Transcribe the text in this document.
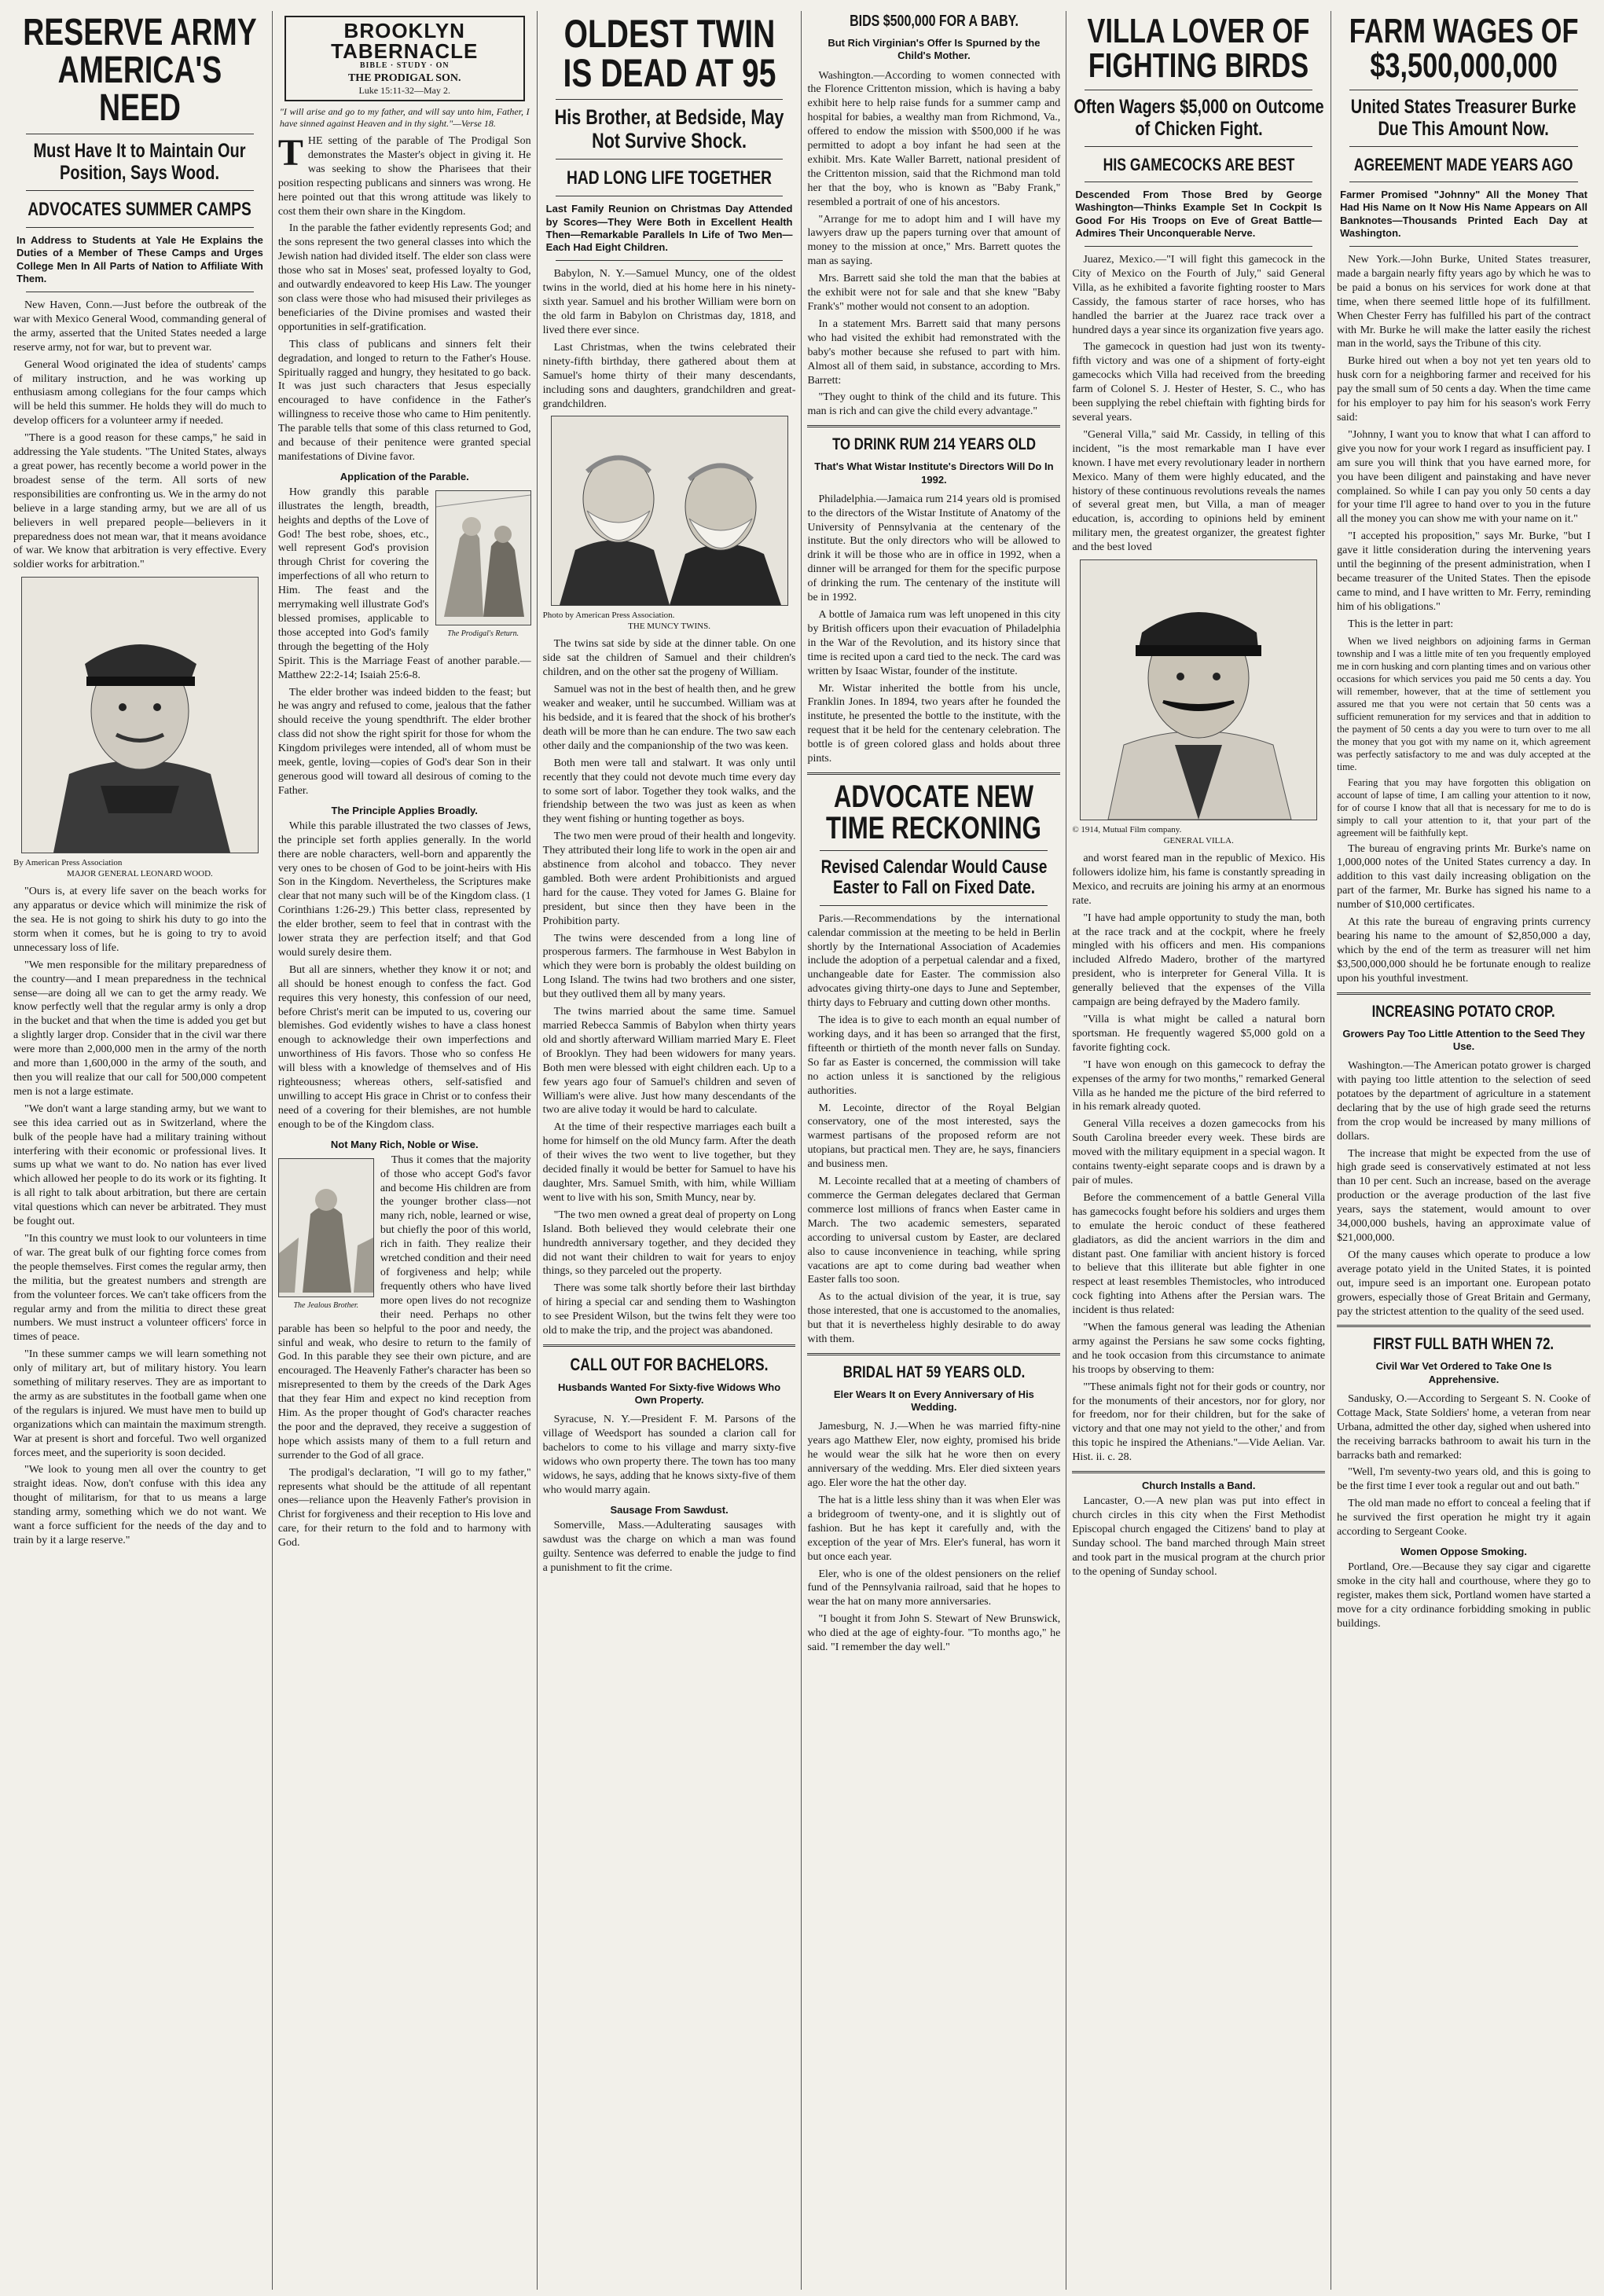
RESERVE ARMY
AMERICA'S NEED
Must Have It to Maintain Our Position, Says Wood.
ADVOCATES SUMMER CAMPS
In Address to Students at Yale He Explains the Duties of a Member of These Camps and Urges College Men In All Parts of Nation to Affiliate With Them.

New Haven, Conn.—Just before the outbreak of the war with Mexico General Wood, commanding general of the army, asserted that the United States needed a large reserve army, not for war, but to prevent war.

General Wood originated the idea of students' camps of military instruction, and he was working up enthusiasm among collegians for the four camps which will be held this summer. He holds they will do much to develop officers for a volunteer army if needed.

"There is a good reason for these camps," he said in addressing the Yale students. "The United States, always a great power, has recently become a world power in the broadest sense of the term. All sorts of new responsibilities are confronting us. We in the army do not believe in a large standing army, but we are all of us believers in well prepared people—believers in it preparedness does not mean war, that it means avoidance of war. We know that arbitration is very effective. Every soldier works for arbitration."

By American Press Association
MAJOR GENERAL LEONARD WOOD.

"Ours is, at every life saver on the beach works for any apparatus or device which will minimize the risk of the sea. He is not going to shirk his duty to go into the storm when it comes, but he is going to try to avoid unnecessary loss of life.

"We men responsible for the military preparedness of the country—and I mean preparedness in the technical sense—are doing all we can to get the army ready. We know perfectly well that the regular army is only a drop in the bucket and that when the time is added you get but a slightly larger drop. Consider that in the civil war there were more than 2,000,000 men in the army of the north and more than 1,600,000 in the army of the south, and then you will realize that our call for 500,000 competent men is not a large estimate.

"We don't want a large standing army, but we want to see this idea carried out as in Switzerland, where the bulk of the people have had a military training without interfering with their economic or professional lives. It sums up what we want to do. No nation has ever lived which allowed her people to do its work or its fighting. It is all right to talk about arbitration, but there are certain vital questions which can never be arbitrated. They must be fought out.

"In this country we must look to our volunteers in time of war. The great bulk of our fighting force comes from the people themselves. First comes the regular army, then the militia, but the greatest numbers and strength are from the volunteer forces. We can't take officers from the regular army and from the militia to direct these great numbers. We must instruct a volunteer officers' force in times of peace.

"In these summer camps we will learn something not only of military art, but of military history. You learn something of military reserves. They are as important to the army as are substitutes in the football game when one of the regulars is injured. We must have men to build up organizations which can maintain the maximum strength. War at present is short and forceful. Two well organized forces meet, and the superiority is soon decided.

"We look to young men all over the country to get straight ideas. Now, don't confuse with this idea any thought of militarism, for that to us means a large standing army, something which we do not want. We want a force sufficient for the needs of the day and to train by it a large reserve."

BROOKLYN TABERNACLE
BIBLE · STUDY · ON
THE PRODIGAL SON.
Luke 15:11-32—May 2.
"I will arise and go to my father, and will say unto him, Father, I have sinned against Heaven and in thy sight."—Verse 18.

THE setting of the parable of The Prodigal Son demonstrates the Master's object in giving it. He was seeking to show the Pharisees that their position respecting publicans and sinners was wrong. He here pointed out that this wrong attitude was likely to cost them their own share in the Kingdom.

In the parable the father evidently represents God; and the sons represent the two general classes into which the Jewish nation had divided itself. The elder son class were those who sat in Moses' seat, professed loyalty to God, and outwardly endeavored to keep His Law. The younger son class were those who had misused their privileges as beneficiaries of the Divine promises and wasted their opportunities in self-gratification.

This class of publicans and sinners felt their degradation, and longed to return to the Father's House. Spiritually ragged and hungry, they hesitated to go back. It was just such characters that Jesus especially encouraged to have confidence in the Father's willingness to receive those who came to Him penitently. The parable tells that some of this class returned to God, and because of their penitence were granted special manifestations of Divine favor.

Application of the Parable.
The Prodigal's Return.

How grandly this parable illustrates the length, breadth, heights and depths of the Love of God! The best robe, shoes, etc., well represent God's provision through Christ for covering the imperfections of all who return to Him. The feast and the merrymaking well illustrate God's blessed promises, applicable to those accepted into God's family through the begetting of the Holy Spirit. This is the Marriage Feast of another parable.—Matthew 22:2-14; Isaiah 25:6-8.

The elder brother was indeed bidden to the feast; but he was angry and refused to come, jealous that the father should receive the young spendthrift. The elder brother class did not show the right spirit for those for whom the Kingdom privileges were intended, all of whom must be meek, gentle, loving—copies of God's dear Son in their generous good will toward all desirous of coming to the Father.

The Principle Applies Broadly.

While this parable illustrated the two classes of Jews, the principle set forth applies generally. In the world there are noble characters, well-born and apparently the very ones to be chosen of God to be joint-heirs with His Son in the Kingdom. Nevertheless, the Scriptures make clear that not many such will be of the Kingdom class. (1 Corinthians 1:26-29.) This better class, represented by the elder brother, seem to feel that in contrast with the lower strata they are perfection itself; and that God would surely desire them.

But all are sinners, whether they know it or not; and all should be honest enough to confess the fact. God requires this very honesty, this confession of our need, before Christ's merit can be imputed to us, covering our blemishes. God evidently wishes to have a class honest enough to acknowledge their own imperfections and unworthiness of His favors. Those who so confess He will bless with a knowledge of themselves and of His righteousness; whereas others, self-satisfied and unwilling to accept His grace in Christ or to confess their need of a covering for their blemishes, are not humble enough to be of the Kingdom class.

Not Many Rich, Noble or Wise.
The Jealous Brother.

Thus it comes that the majority of those who accept God's favor and become His children are from the younger brother class—not many rich, noble, learned or wise, but chiefly the poor of this world, rich in faith. They realize their wretched condition and their need of forgiveness and help; while frequently others who have lived more open lives do not recognize their need. Perhaps no other parable has been so helpful to the poor and needy, the sinful and weak, who desire to return to the family of God. In this parable they see their own picture, and are encouraged. The Heavenly Father's character has been so misrepresented to them by the creeds of the Dark Ages that they fear Him and expect no kind reception from Him. As the proper thought of God's character reaches the poor and the depraved, they receive a suggestion of hope which assists many of them to a full return and surrender to the God of all grace.

The prodigal's declaration, "I will go to my father," represents what should be the attitude of all repentant ones—reliance upon the Heavenly Father's provision in Christ for forgiveness and their reception to His love and care, for their return to the fold and to harmony with God.

OLDEST TWIN
IS DEAD AT 95
His Brother, at Bedside, May Not Survive Shock.
HAD LONG LIFE TOGETHER
Last Family Reunion on Christmas Day Attended by Scores—They Were Both in Excellent Health Then—Remarkable Parallels In Life of Two Men—Each Had Eight Children.

Babylon, N. Y.—Samuel Muncy, one of the oldest twins in the world, died at his home here in his ninety-sixth year. Samuel and his brother William were born on the old farm in Babylon on Christmas day, 1818, and lived there ever since.

Last Christmas, when the twins celebrated their ninety-fifth birthday, there gathered about them at Samuel's home thirty of their many descendants, including sons and daughters, grandchildren and great-grandchildren.

Photo by American Press Association.
THE MUNCY TWINS.

The twins sat side by side at the dinner table. On one side sat the children of Samuel and their children's children, and on the other sat the progeny of William.

Samuel was not in the best of health then, and he grew weaker and weaker, until he succumbed. William was at his bedside, and it is feared that the shock of his brother's death will be more than he can endure. The two saw each other daily and the companionship of the two was keen.

Both men were tall and stalwart. It was only until recently that they could not devote much time every day to some sort of labor. Together they took walks, and the friendship between the two was just as keen as when they went fishing or hunting together as boys.

The two men were proud of their health and longevity. They attributed their long life to work in the open air and abstinence from alcohol and tobacco. They never gambled. Both were ardent Prohibitionists and argued hard for the cause. They voted for James G. Blaine for president, but since then they have been in the Prohibition party.

The twins were descended from a long line of prosperous farmers. The farmhouse in West Babylon in which they were born is probably the oldest building on Long Island. The twins had two brothers and one sister, but they outlived them all by many years.

The twins married about the same time. Samuel married Rebecca Sammis of Babylon when thirty years old and shortly afterward William married Mary E. Fleet of Brooklyn. They had been widowers for many years. Both men were blessed with eight children each. Up to a few years ago four of Samuel's children and seven of William's were alive. Just how many descendants of the two are alive today it would be hard to calculate.

At the time of their respective marriages each built a home for himself on the old Muncy farm. After the death of their wives the two went to live together, but they decided finally it would be better for Samuel to have his daughter, Mrs. Samuel Smith, with him, while William went to live with his son, Smith Muncy, near by.

"The two men owned a great deal of property on Long Island. Both believed they would celebrate their one hundredth anniversary together, and they decided they did not want their children to wait for years to enjoy things, so they parceled out the property.

There was some talk shortly before their last birthday of hiring a special car and sending them to Washington to see President Wilson, but the twins felt they were too old to make the trip, and the project was abandoned.

CALL OUT FOR BACHELORS.
Husbands Wanted For Sixty-five Widows Who Own Property.

Syracuse, N. Y.—President F. M. Parsons of the village of Weedsport has sounded a clarion call for bachelors to come to his village and marry sixty-five widows who own property there. The town has too many widows, he says, adding that he knows sixty-five of them who would marry again.

Sausage From Sawdust.

Somerville, Mass.—Adulterating sausages with sawdust was the charge on which a man was found guilty. Sentence was deferred to enable the judge to find a punishment to fit the crime.

BIDS $500,000 FOR A BABY.
But Rich Virginian's Offer Is Spurned by the Child's Mother.

Washington.—According to women connected with the Florence Crittenton mission, which is having a baby exhibit here to help raise funds for a summer camp and hospital for babies, a wealthy man from Richmond, Va., offered to endow the mission with $500,000 if he was permitted to adopt a boy infant he had seen at the exhibit. Mrs. Kate Waller Barrett, national president of the Crittenton mission, said that the Richmond man told her that the boy, who is known as "Baby Frank," resembled a portrait of one of his ancestors.

"Arrange for me to adopt him and I will have my lawyers draw up the papers turning over that amount of money to the mission at once," Mrs. Barrett quotes the man as saying.

Mrs. Barrett said she told the man that the babies at the exhibit were not for sale and that she knew "Baby Frank's" mother would not consent to an adoption.

In a statement Mrs. Barrett said that many persons who had visited the exhibit had remonstrated with the baby's mother because she refused to part with him. Almost all of them said, in substance, according to Mrs. Barrett:

"They ought to think of the child and its future. This man is rich and can give the child every advantage."

TO DRINK RUM 214 YEARS OLD
That's What Wistar Institute's Directors Will Do In 1992.

Philadelphia.—Jamaica rum 214 years old is promised to the directors of the Wistar Institute of Anatomy of the University of Pennsylvania at the centenary of the institute. But the only directors who will be allowed to drink it will be those who are in office in 1992, when a dinner will be arranged for them for the specific purpose of drinking the rum. The centenary of the institute will be in 1992.

A bottle of Jamaica rum was left unopened in this city by British officers upon their evacuation of Philadelphia in the War of the Revolution, and its history since that time is recited upon a card tied to the neck. The card was written by Isaac Wistar, founder of the institute.

Mr. Wistar inherited the bottle from his uncle, Franklin Jones. In 1894, two years after he founded the institute, he presented the bottle to the institute, with the request that it be held for the centenary celebration. The bottle is of green colored glass and holds about three pints.

ADVOCATE NEW
TIME RECKONING
Revised Calendar Would Cause Easter to Fall on Fixed Date.

Paris.—Recommendations by the international calendar commission at the meeting to be held in Berlin shortly by the International Association of Academies include the adoption of a perpetual calendar and a fixed, unchangeable date for Easter. The commission also advocates giving thirty-one days to June and September, thirty days to February and cutting down other months.

The idea is to give to each month an equal number of working days, and it has been so arranged that the first, fifteenth or thirtieth of the month never falls on Sunday. So far as Easter is concerned, the commission will take no action unless it is sanctioned by the religious authorities.

M. Lecointe, director of the Royal Belgian conservatory, one of the most interested, says the warmest partisans of the proposed reform are not utopians, but practical men. They are, he says, financiers and business men.

M. Lecointe recalled that at a meeting of chambers of commerce the German delegates declared that German commerce lost millions of francs when Easter came in March. The two academic semesters, separated according to universal custom by Easter, are declared also to cause inconvenience in teaching, while spring vacations are apt to come during bad weather when Easter falls too soon.

As to the actual division of the year, it is true, say those interested, that one is accustomed to the anomalies, but that it is nevertheless highly desirable to do away with them.

BRIDAL HAT 59 YEARS OLD.
Eler Wears It on Every Anniversary of His Wedding.

Jamesburg, N. J.—When he was married fifty-nine years ago Matthew Eler, now eighty, promised his bride he would wear the silk hat he wore then on every anniversary of the wedding. Mrs. Eler died sixteen years ago. Eler wore the hat the other day.

The hat is a little less shiny than it was when Eler was a bridegroom of twenty-one, and it is slightly out of fashion. But he has kept it carefully and, with the exception of the year of Mrs. Eler's funeral, has worn it but once each year.

Eler, who is one of the oldest pensioners on the relief fund of the Pennsylvania railroad, said that he hopes to wear the hat on many more anniversaries.

"I bought it from John S. Stewart of New Brunswick, who died at the age of eighty-four. "To months ago," he said. "I remember the day well."

VILLA LOVER OF
FIGHTING BIRDS
Often Wagers $5,000 on Outcome of Chicken Fight.
HIS GAMECOCKS ARE BEST
Descended From Those Bred by George Washington—Thinks Example Set In Cockpit Is Good For His Troops on Eve of Great Battle—Admires Their Unconquerable Nerve.

Juarez, Mexico.—"I will fight this gamecock in the City of Mexico on the Fourth of July," said General Villa, as he exhibited a favorite fighting rooster to Mars Cassidy, the famous starter of race horses, who has handled the barrier at the Juarez race track over a hundred days a year since its organization five years ago.

The gamecock in question had just won its twenty-fifth victory and was one of a shipment of forty-eight gamecocks which Villa had received from the breeding farm of Colonel S. J. Hester of Hester, S. C., who has been supplying the rebel chieftain with fighting birds for several years.

"General Villa," said Mr. Cassidy, in telling of this incident, "is the most remarkable man I have ever known. I have met every revolutionary leader in northern Mexico. Many of them were highly educated, and the history of these continuous revolutions reveals the names of several great men, but Villa, a man of meager education, is, according to opinions held by eminent military men, the greatest organizer, the greatest fighter and the best loved

© 1914, Mutual Film company.
GENERAL VILLA.

and worst feared man in the republic of Mexico. His followers idolize him, his fame is constantly spreading in Mexico, and recruits are joining his army at an enormous rate.

"I have had ample opportunity to study the man, both at the race track and at the cockpit, where he freely mingled with his officers and men. His companions included Alfredo Madero, brother of the martyred president, who is interpreter for General Villa. It is generally believed that the expenses of the Villa campaign are being defrayed by the Madero family.

"Villa is what might be called a natural born sportsman. He frequently wagered $5,000 gold on a favorite fighting cock.

"I have won enough on this gamecock to defray the expenses of the army for two months," remarked General Villa as he handed me the picture of the bird referred to in his remark already quoted.

General Villa receives a dozen gamecocks from his South Carolina breeder every week. These birds are moved with the military equipment in a special wagon. It contains twenty-eight separate coops and is drawn by a pair of mules.

Before the commencement of a battle General Villa has gamecocks fought before his soldiers and urges them to emulate the heroic conduct of these feathered gladiators, as did the ancient warriors in the dim and distant past. One familiar with ancient history is forced to believe that this illiterate but able fighter in one respect at least resembles Themistocles, who introduced cock fighting into Athens after the Persian wars. The incident is thus related:

"When the famous general was leading the Athenian army against the Persians he saw some cocks fighting, and he took occasion from this circumstance to animate his troops by observing to them:

"'These animals fight not for their gods or country, nor for the monuments of their ancestors, nor for glory, nor for freedom, nor for their children, but for the sake of victory and that one may not yield to the other,' and from this topic he inspired the Athenians."—Vide Aelian. Var. Hist. ii. c. 28.

Church Installs a Band.

Lancaster, O.—A new plan was put into effect in church circles in this city when the First Methodist Episcopal church engaged the Citizens' band to play at Sunday school. The band marched through Main street and took part in the musical program at the church prior to the opening of Sunday school.

FARM WAGES OF
$3,500,000,000
United States Treasurer Burke Due This Amount Now.
AGREEMENT MADE YEARS AGO
Farmer Promised "Johnny" All the Money That Had His Name on It Now His Name Appears on All Banknotes—Thousands Printed Each Day at Washington.

New York.—John Burke, United States treasurer, made a bargain nearly fifty years ago by which he was to be paid a bonus on his services for work done at that time, when there seemed little hope of its fulfillment. When Chester Ferry has fulfilled his part of the contract with Mr. Burke he will make the latter easily the richest man in the world, says the Tribune of this city.

Burke hired out when a boy not yet ten years old to husk corn for a neighboring farmer and received for his pay the small sum of 50 cents a day. When the time came for his employer to pay him for his season's work Ferry said:

"Johnny, I want you to know that what I can afford to give you now for your work I regard as insufficient pay. I am sure you will think that you have earned more, for you have been diligent and painstaking and have never complained. So while I can pay you only 50 cents a day for your time I'll agree to hand over to you in the future all the money you can show me with your name on it."

"I accepted his proposition," says Mr. Burke, "but I gave it little consideration during the intervening years until the beginning of the present administration, when I became treasurer of the United States. Then the episode came to mind, and I have written to Mr. Ferry, reminding him of his obligations."

This is the letter in part:

When we lived neighbors on adjoining farms in German township and I was a little mite of ten you frequently employed me in corn husking and corn planting times and on various other occasions for which services you paid me 50 cents a day. You will remember, however, that at the time of settlement you assured me that you were not certain that 50 cents was a sufficient remuneration for my services and that in addition to the payment of 50 cents a day you were to turn over to me all the money that you got with my name on it, which agreement was perfectly satisfactory to me and was duly accepted at the time.

Fearing that you may have forgotten this obligation on account of lapse of time, I am calling your attention to it now, for of course I know that all that is necessary for me to do is simply to call your attention to it, that your part of the agreement will be faithfully kept.

The bureau of engraving prints Mr. Burke's name on 1,000,000 notes of the United States currency a day. In addition to this vast daily increasing obligation on the part of the farmer, Mr. Burke has signed his name to a number of $10,000 certificates.

At this rate the bureau of engraving prints currency bearing his name to the amount of $2,850,000 a day, which by the end of the term as treasurer will net him $3,500,000,000 should he be fortunate enough to realize upon his youthful investment.

INCREASING POTATO CROP.
Growers Pay Too Little Attention to the Seed They Use.

Washington.—The American potato grower is charged with paying too little attention to the selection of seed potatoes by the department of agriculture in a statement declaring that by the use of high grade seed the returns from the crop would be increased by many millions of dollars.

The increase that might be expected from the use of high grade seed is conservatively estimated at not less than 10 per cent. Such an increase, based on the average production or the average production of the last five years, says the statement, would amount to over 34,000,000 bushels, having an approximate value of $21,000,000.

Of the many causes which operate to produce a low average potato yield in the United States, it is pointed out, impure seed is an important one. European potato growers, especially those of Great Britain and Germany, pay the strictest attention to the quality of the seed used.

FIRST FULL BATH WHEN 72.
Civil War Vet Ordered to Take One Is Apprehensive.

Sandusky, O.—According to Sergeant S. N. Cooke of Cottage Mack, State Soldiers' home, a veteran from near Urbana, admitted the other day, sighed when ushered into the receiving barracks bathroom to await his turn in the barracks bath and remarked:

"Well, I'm seventy-two years old, and this is going to be the first time I ever took a regular out and out bath."

The old man made no effort to conceal a feeling that if he survived the first operation he might try it again according to Sergeant Cooke.

Women Oppose Smoking.

Portland, Ore.—Because they say cigar and cigarette smoke in the city hall and courthouse, where they go to register, makes them sick, Portland women have started a move for a city ordinance forbidding smoking in public buildings.
